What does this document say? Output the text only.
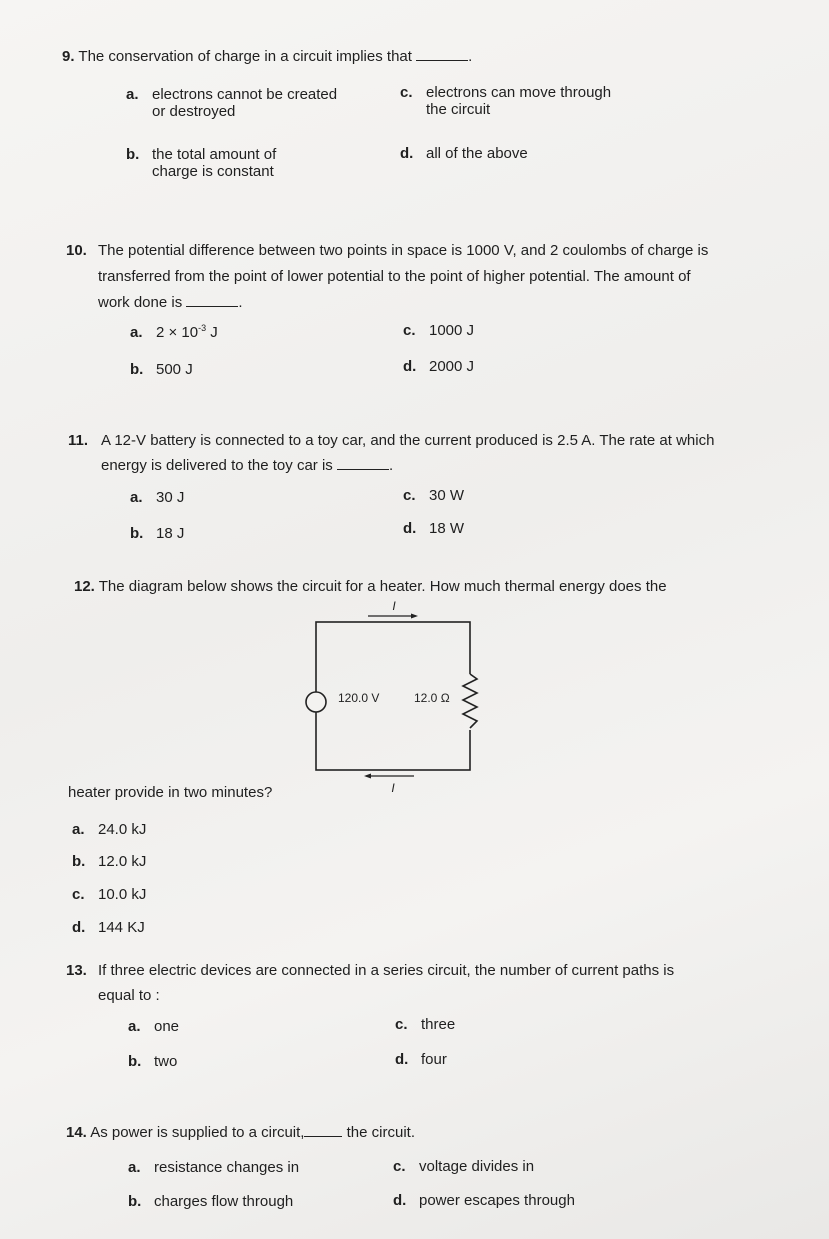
9. The conservation of charge in a circuit implies that	.
a. electrons cannot be created
or destroyed
b. the total amount of
charge is constant
c. electrons can move through
the circuit
d. all of the above
10. The potential difference between two points in space is 1000 V, and 2 coulombs of charge is
transferred from the point of lower potential to the point of higher potential. The amount of
work done is	.
a. $2 \times 10^{-3}$ J
b. 500 J
c. 1000 J
d. 2000 J
11. A 12-V battery is connected to a toy car, and the current produced is 2.5 A. The rate at which
energy is delivered to the toy car is	.
a. 30 J
b. 18 J
c. 30 W
d. 18 W
12. The diagram below shows the circuit for a heater. How much thermal energy does the
I
I
120.0 V	12.0 Ω
heater provide in two minutes?
a. 24.0 kJ
b. 12.0 kJ
c. 10.0 kJ
d. 144 KJ
13. If three electric devices are connected in a series circuit, the number of current paths is
equal to :
a. one
b. two
c. three
d. four
14. As power is supplied to a circuit,	the circuit.
a. resistance changes in
b. charges flow through
c. voltage divides in
d. power escapes through
